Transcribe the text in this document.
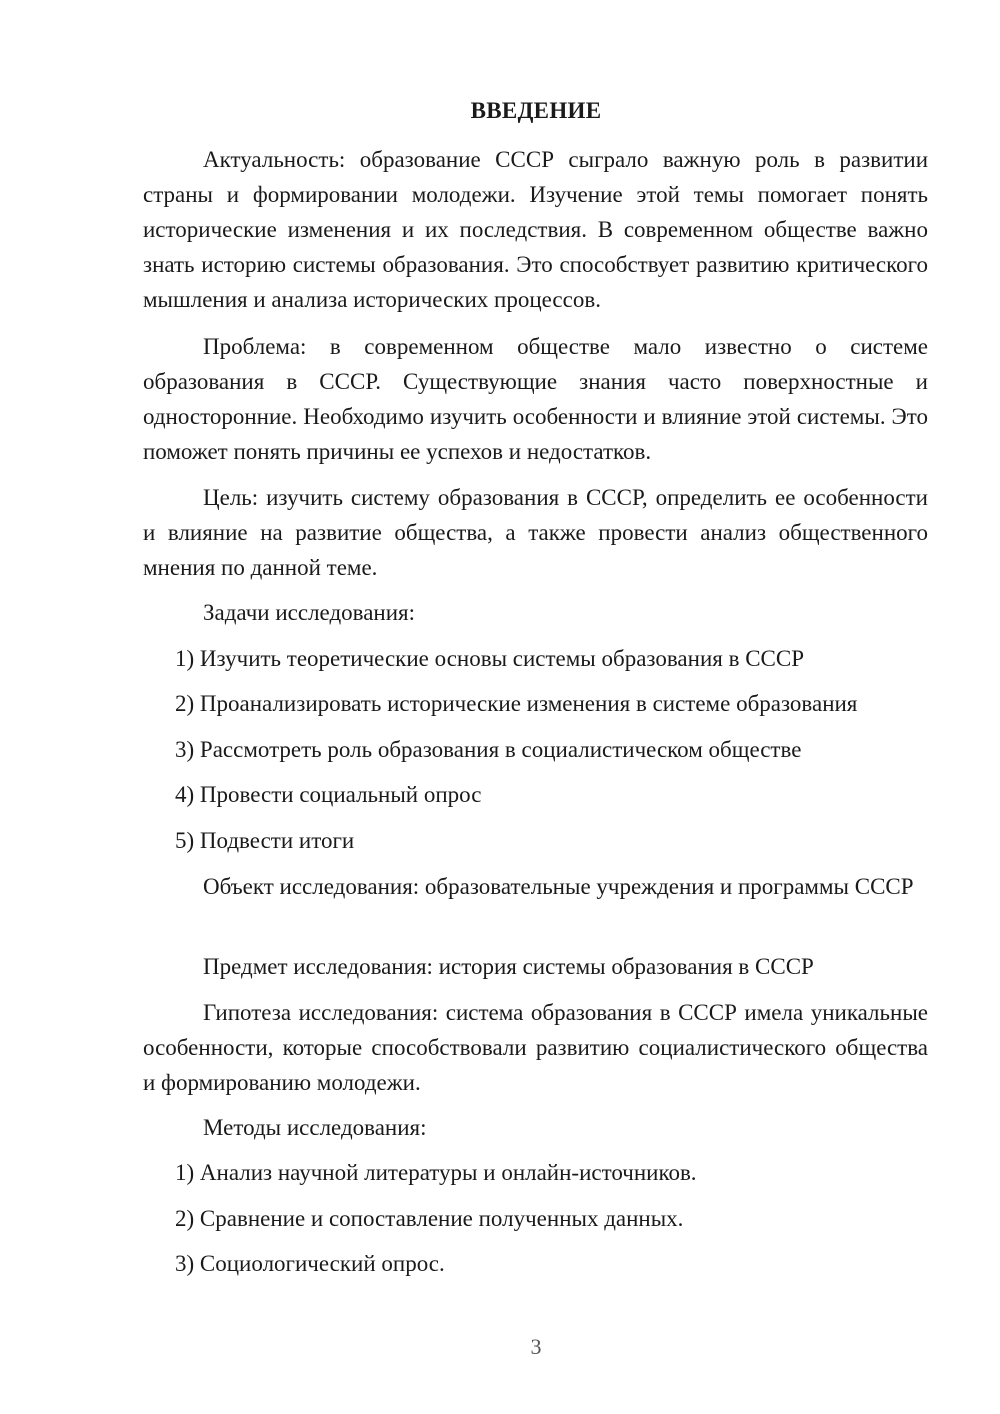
ВВЕДЕНИЕ

Актуальность: образование СССР сыграло важную роль в развитии страны и формировании молодежи. Изучение этой темы помогает понять исторические изменения и их последствия. В современном обществе важно знать историю системы образования. Это способствует развитию критического мышления и анализа исторических процессов.

Проблема: в современном обществе мало известно о системе образования в СССР. Существующие знания часто поверхностные и односторонние. Необходимо изучить особенности и влияние этой системы. Это поможет понять причины ее успехов и недостатков.

Цель: изучить систему образования в СССР, определить ее особенности и влияние на развитие общества, а также провести анализ общественного мнения по данной теме.

Задачи исследования:
1) Изучить теоретические основы системы образования в СССР
2) Проанализировать исторические изменения в системе образования
3) Рассмотреть роль образования в социалистическом обществе
4) Провести социальный опрос
5) Подвести итоги

Объект исследования: образовательные учреждения и программы СССР

Предмет исследования: история системы образования в СССР

Гипотеза исследования: система образования в СССР имела уникальные особенности, которые способствовали развитию социалистического общества и формированию молодежи.

Методы исследования:
1) Анализ научной литературы и онлайн-источников.
2) Сравнение и сопоставление полученных данных.
3) Социологический опрос.
3
